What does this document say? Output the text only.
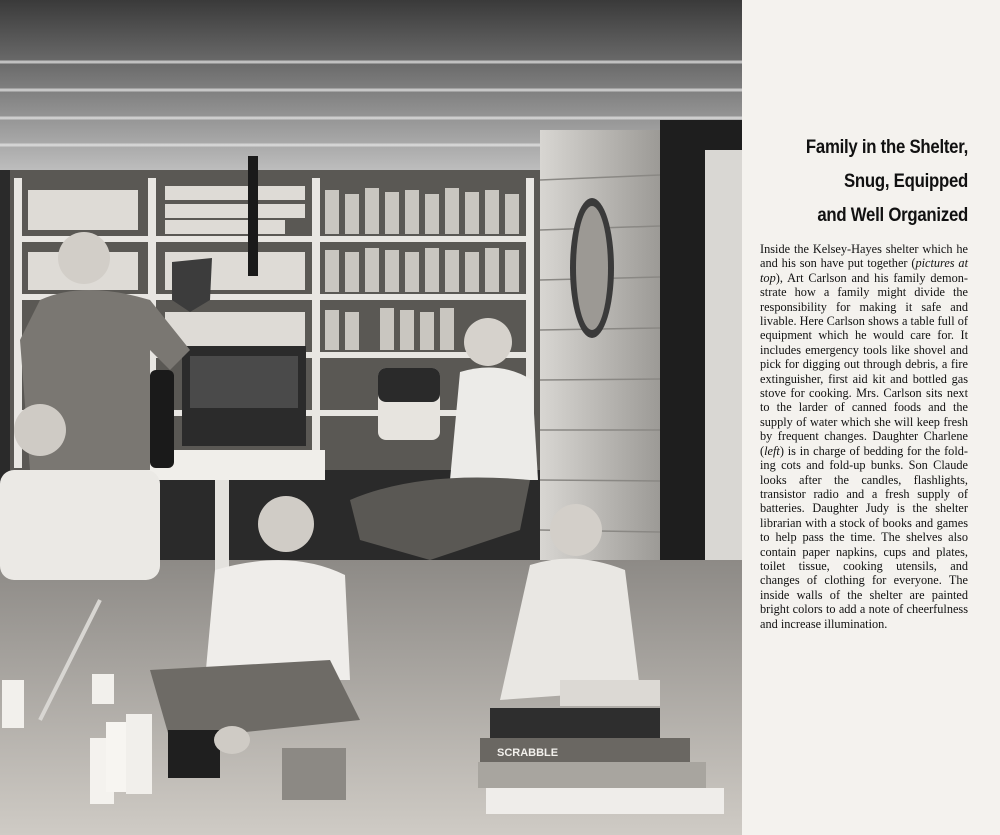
SCRABBLE
Family in the Shelter,
Snug, Equipped
and Well Organized

Inside the Kelsey-Hayes shelter which he and his son have put together (pictures at top), Art Carlson and his family demonstrate how a family might divide the responsibility for making it safe and livable. Here Carlson shows a table full of equipment which he would care for. It includes emergency tools like shovel and pick for digging out through debris, a fire extinguisher, first aid kit and bottled gas stove for cooking. Mrs. Carlson sits next to the larder of canned foods and the supply of water which she will keep fresh by frequent changes. Daughter Charlene (left) is in charge of bedding for the folding cots and fold-up bunks. Son Claude looks after the candles, flashlights, transistor radio and a fresh supply of batteries. Daughter Judy is the shelter librarian with a stock of books and games to help pass the time. The shelves also contain paper napkins, cups and plates, toilet tissue, cooking utensils, and changes of clothing for everyone. The inside walls of the shelter are painted bright colors to add a note of cheerfulness and increase illumination.
